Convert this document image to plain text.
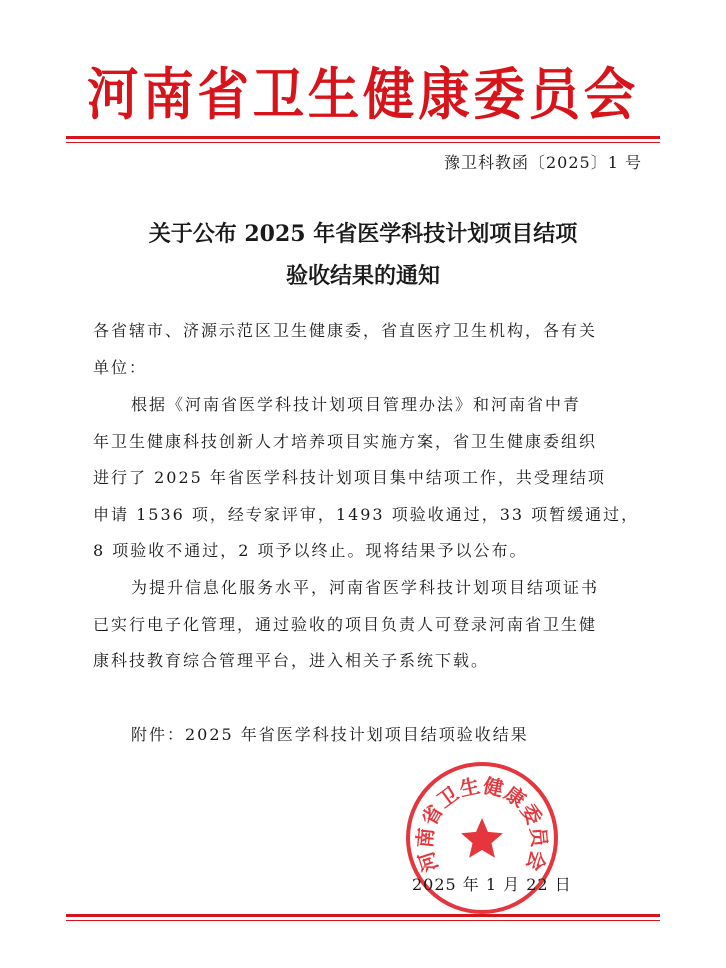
河南省卫生健康委员会
豫卫科教函〔2025〕1 号
关于公布 2025 年省医学科技计划项目结项
验收结果的通知
各省辖市、济源示范区卫生健康委，省直医疗卫生机构，各有关
单位：
根据《河南省医学科技计划项目管理办法》和河南省中青
年卫生健康科技创新人才培养项目实施方案，省卫生健康委组织
进行了 2025 年省医学科技计划项目集中结项工作，共受理结项
申请 1536 项，经专家评审，1493 项验收通过，33 项暂缓通过，
8 项验收不通过，2 项予以终止。现将结果予以公布。
为提升信息化服务水平，河南省医学科技计划项目结项证书
已实行电子化管理，通过验收的项目负责人可登录河南省卫生健
康科技教育综合管理平台，进入相关子系统下载。
附件：2025 年省医学科技计划项目结项验收结果
河南省卫生健康委员会
2025 年 1 月 22 日
